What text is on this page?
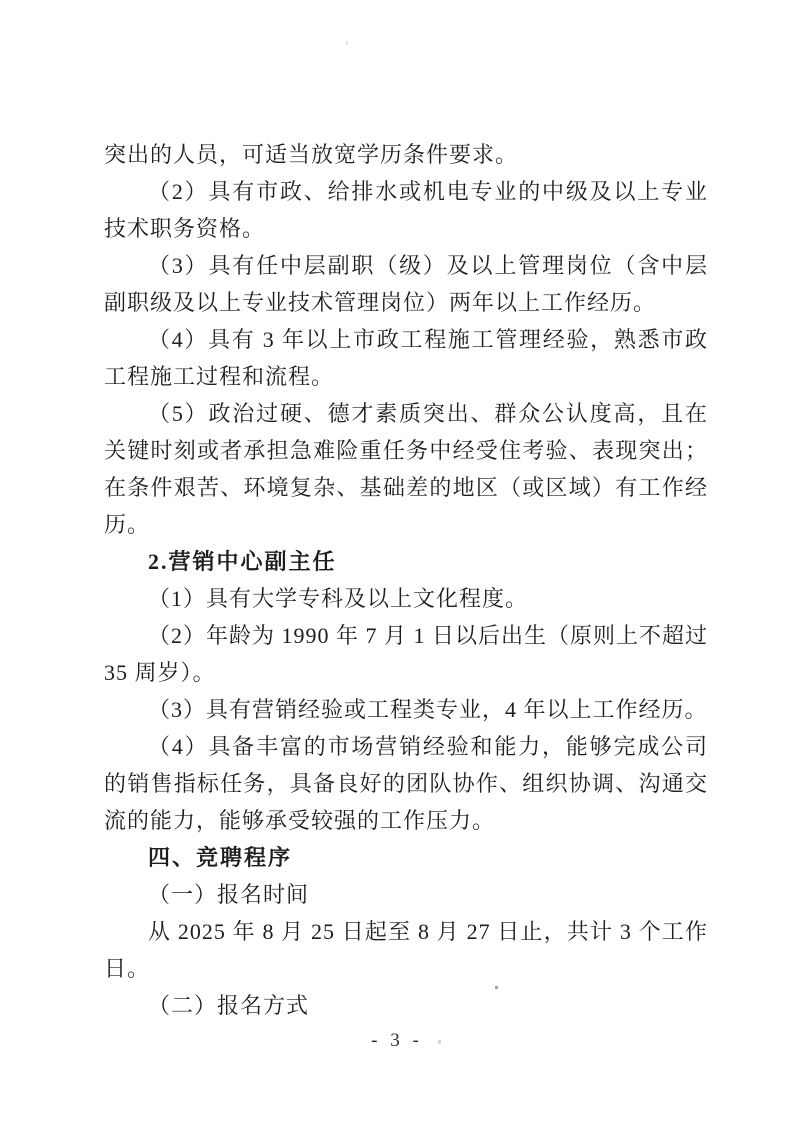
突出的人员，可适当放宽学历条件要求。

（2）具有市政、给排水或机电专业的中级及以上专业技术职务资格。

（3）具有任中层副职（级）及以上管理岗位（含中层副职级及以上专业技术管理岗位）两年以上工作经历。

（4）具有 3 年以上市政工程施工管理经验，熟悉市政工程施工过程和流程。

（5）政治过硬、德才素质突出、群众公认度高，且在关键时刻或者承担急难险重任务中经受住考验、表现突出；在条件艰苦、环境复杂、基础差的地区（或区域）有工作经历。

2.营销中心副主任

（1）具有大学专科及以上文化程度。

（2）年龄为 1990 年 7 月 1 日以后出生（原则上不超过 35 周岁）。

（3）具有营销经验或工程类专业，4 年以上工作经历。

（4）具备丰富的市场营销经验和能力，能够完成公司的销售指标任务，具备良好的团队协作、组织协调、沟通交流的能力，能够承受较强的工作压力。

四、竞聘程序

（一）报名时间

从 2025 年 8 月 25 日起至 8 月 27 日止，共计 3 个工作日。

（二）报名方式

- 3 -
